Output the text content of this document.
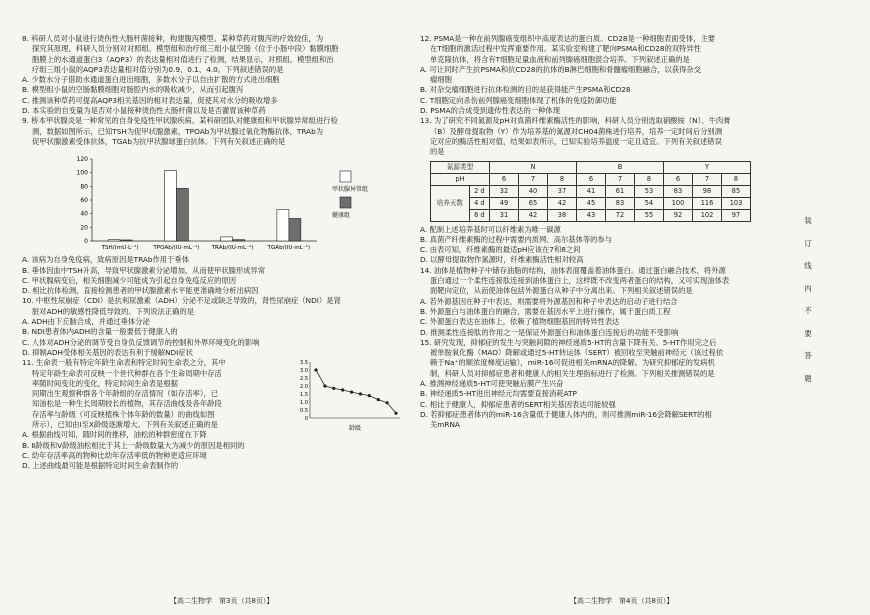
8. 科研人员对小鼠进行烫伤性大肠杆菌接种，构建腹泻模型。某种草药对腹泻的疗效较佳，为

探究其原理，科研人员分别对对照组、模型组和治疗组三组小鼠空肠（位于小肠中段）黏膜细胞

胞膜上的水通道蛋白3（AQP3）的表达量相对值进行了检测，结果显示，对照组、模型组和治

疗组三组小鼠的AQP3表达量相对值分别为0.9、0.1、4.0。下列叙述错误的是

A. 少数水分子借助水通道蛋白进出细胞，多数水分子以自由扩散的方式进出细胞

B. 模型组小鼠的空肠黏膜细胞对肠腔内水的吸收减少，从而引起腹泻

C. 推测该种草药可提高AQP3相关基因的相对表达量，促使其对水分的吸收增多

D. 本实验的自变量为是否对小鼠接种烫伤性大肠杆菌以及是否灌胃该种草药

9. 桥本甲状腺炎是一种常见的自身免疫性甲状腺疾病。某科研团队对健康组和甲状腺异常组进行检

测，数据如图所示，已知TSH为促甲状腺激素，TPOAb为甲状腺过氧化物酶抗体，TRAb为

促甲状腺激素受体抗体，TGAb为抗甲状腺球蛋白抗体。下列有关叙述正确的是

0
20
40
60
80
100
120
TSH/(mU·L⁻¹)	TPOAb/(IU·mL⁻¹) TRAb/(IU·mL⁻¹) TGAb/(IU·mL⁻¹)
甲状腺异常组
健康组

A. 该病为自身免疫病，致病原因是TRAb作用于垂体

B. 垂体因血中TSH升高，导致甲状腺激素分泌增加，从而使甲状腺形成异常

C. 甲状腺病变后，相关细胞减少可能成为引起自身免疫反应的原因

D. 相比抗体检测，直接检测患者的甲状腺激素水平能更准确地分析出病因

10. 中枢性尿崩症（CDI）是抗利尿激素（ADH）分泌不足或缺乏导致的，肾性尿崩症（NDI）是肾

脏对ADH的敏感性降低导致的。下列说法正确的是

A. ADH由下丘脑合成，并通过垂体分泌

B. NDI患者体内ADH的含量一般要低于健康人的

C. 人体对ADH分泌的调节受自身负反馈调节的控制和外界环境变化的影响

D. 抑制ADH受体相关基因的表达有利于缓解NDI症状

11. 生命表一般有特定年龄生命表和特定时间生命表之分，其中

特定年龄生命表可反映一个世代种群在各个生命周期中存活

率随时间变化的变化，特定时间生命表是根据

同期出生观察种群各个年龄组的存活情况（如存活率），已

知油松是一种生长周期较长的植物，其存活曲线及各年龄段

存活率与龄级（可反映植株个体年龄的数量）的曲线如图

所示），已知由Ⅰ至Ⅹ龄级逐渐增大。下列有关叙述正确的是

A. 根据曲线可知，随时间的推移，油松的种群密度在下降

B. Ⅱ龄级和Ⅴ龄级油松相比于其上一龄级数量大为减少的原因是相同的

C. 幼年存活率高的物种比幼年存活率低的物种更适应环境

D. 上述曲线最可能是根据特定时间生命表制作的

0
0.5
1.0
1.5
2.0
2.5
3.0
3.5
龄级

12. PSMA是一种在前列腺癌变组织中高度表达的蛋白质。CD28是一种细胞表面受体，主要

在T细胞的激活过程中发挥重要作用。某实验室构建了靶向PSMA和CD28的双特异性

单克隆抗体，将含有T细胞足量血液和前列腺癌细胞混合培养。下列叙述正确的是

A. 可让同时产生抗PSMA和抗CD28的抗体的B淋巴细胞和骨髓瘤细胞融合，以获得杂交

瘤细胞

B. 对杂交瘤细胞进行抗体检测的目的是获得能产生PSMA和CD28

C. T细胞定向杀伤前列腺癌变细胞体现了机体的免疫防御功能

D. PSMA的合成受到遗传性表达的一种体现

13. 为了研究不同氮源及pH对真菌纤维素酶活性的影响，科研人员分别选取硝酸铵（N）、牛肉膏

（B）及酵母提取物（Y）作为培养基的氮源对CH04菌株进行培养，培养一定时间后分别测

定对应的酶活性相对值，结果如表所示，已知实验培养温度一定且适宜。下列有关叙述错误

的是

氮源类型		N			B			Y		
pH		6	7	8	6	7	8	6	7	8
培养天数	2 d	32	40	37	41	61	53	83	98	85
	4 d	49	65	42	45	83	54	100	116	103
	6 d	31	42	38	43	72	55	92	102	97

A. 配制上述培养基时可以纤维素为唯一碳源

B. 真菌产纤维素酶的过程中需要内质网、高尔基体等的参与

C. 由表可知，纤维素酶的最适pH应该在7和8之间

D. 以酵母提取物作氮源时，纤维素酶活性相对较高

14. 油体是植物种子中储存油脂的结构，油体表面覆盖着油体蛋白。通过蛋白融合技术，将外源

蛋白通过一个柔性连接肽连接到油体蛋白上，这样既不改变两者蛋白的结构，又可实现油体表

面靶向定位，从而使油体包括外源蛋白从种子中分离出来。下列相关叙述错误的是

A. 若外源基因在种子中表达，则需要将外源基因和种子中表达的启动子进行结合

B. 外源蛋白与油体蛋白的融合，需要在基因水平上进行操作，属于蛋白质工程

C. 外源蛋白表达在油体上，依赖了植物细胞基因的特异性表达

D. 推测柔性连接肽的作用之一是保证外源蛋白和油体蛋白连接后的功能不受影响

15. 研究发现，抑郁症的发生与突触间隙的神经递质5-HT的含量下降有关。5-HT作用完之后

被单胺氧化酶（MAO）降解或通过5-HT转运体（SERT）被回收至突触前神经元（该过程依

赖于Na⁺的顺浓度梯度运输），miR-16可促进相关mRNA的降解。为研究抑郁症的发病机

制，科研人员对抑郁症患者和健康人的相关生理指标进行了检测。下列相关推测错误的是

A. 推测神经递质5-HT可使突触后膜产生兴奋

B. 神经递质5-HT进出神经元均需要直接消耗ATP

C. 相比于健康人，抑郁症患者的SERT相关基因表达可能较强

D. 若抑郁症患者体内的miR-16含量低于健康人体内的，则可推测miR-16会降解SERT的相

关mRNA

【高二生物学　第3页（共8页）】	【高二生物学　第4页（共8页）】
装
订
线
内
不
要
答
题
